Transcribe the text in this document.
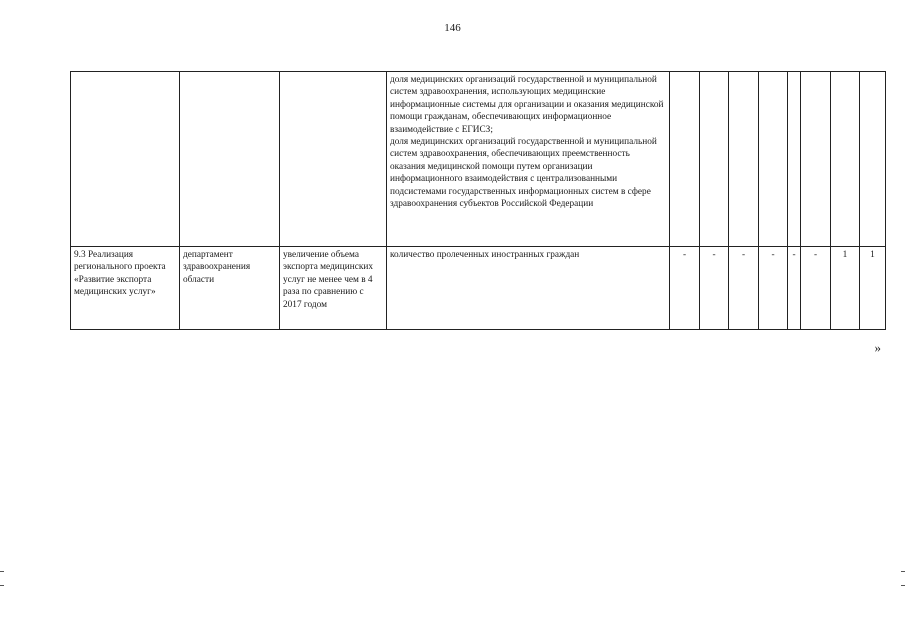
146
			доля медицинских организаций государственной и муниципальной систем здравоохранения, использующих медицинские информационные системы для организации и оказания медицинской помощи гражданам, обеспечивающих информационное взаимодействие с ЕГИСЗ;
доля медицинских организаций государственной и муниципальной систем здравоохранения, обеспечивающих преемственность оказания медицинской помощи путем организации информационного взаимодействия с централизованными подсистемами государственных информационных систем в сфере здравоохранения субъектов Российской Федерации								
9.3 Реализация регионального проекта «Развитие экспорта медицинских услуг»	департамент здравоохранения области	увеличение объема экспорта медицинских услуг не менее чем в 4 раза по сравнению с 2017 годом	количество пролеченных иностранных граждан	-	-	-	-	-	-	1	1
»
